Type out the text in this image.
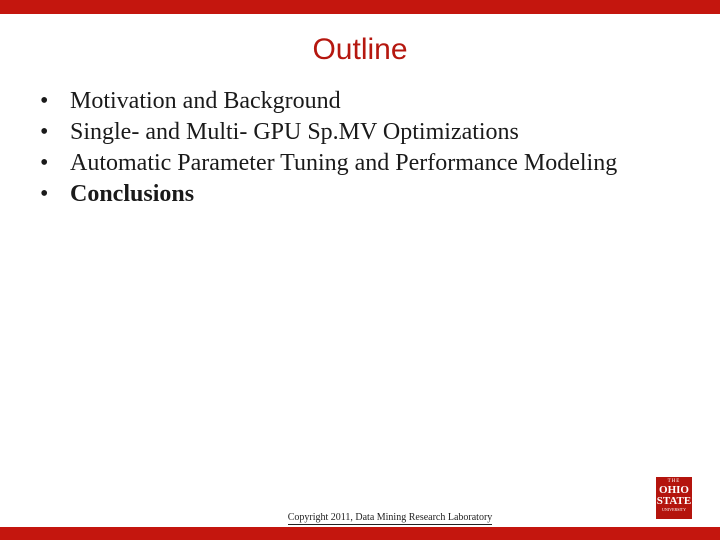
Outline
• Motivation and Background
• Single- and Multi- GPU Sp.MV Optimizations
• Automatic Parameter Tuning and Performance Modeling
• Conclusions
Copyright 2011, Data Mining Research Laboratory
THE
OHIO
STATE
UNIVERSITY
